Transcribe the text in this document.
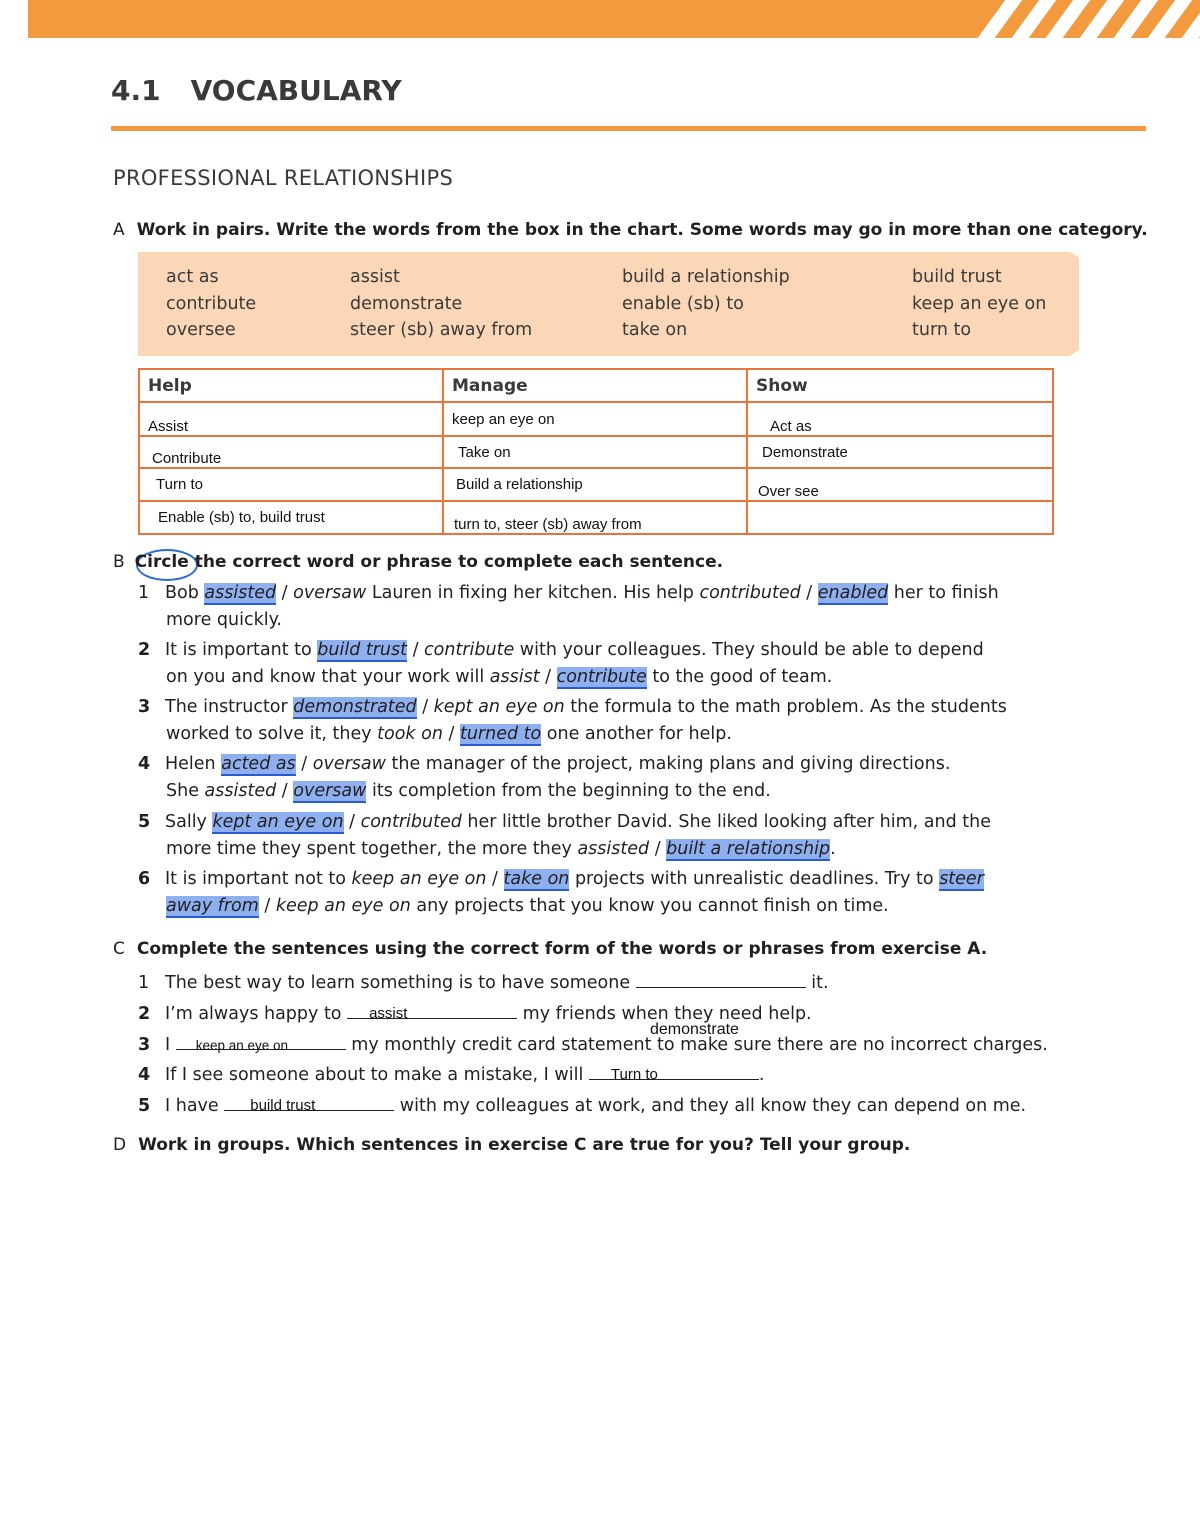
4.1 VOCABULARY
PROFESSIONAL RELATIONSHIPS
A Work in pairs. Write the words from the box in the chart. Some words may go in more than one category.
act as	assist	build a relationship	build trust
contribute	demonstrate	enable (sb) to	keep an eye on
oversee	steer (sb) away from	take on	turn to
Help	Manage	Show
Assist	keep an eye on	Act as
Contribute	Take on	Demonstrate
Turn to	Build a relationship	Over see
Enable (sb) to, build trust	turn to, steer (sb) away from	
B Circle the correct word or phrase to complete each sentence.
1 Bob assisted / oversaw Lauren in fixing her kitchen. His help contributed / enabled her to finish
more quickly.
2 It is important to build trust / contribute with your colleagues. They should be able to depend
on you and know that your work will assist / contribute to the good of team.
3 The instructor demonstrated / kept an eye on the formula to the math problem. As the students
worked to solve it, they took on / turned to one another for help.
4 Helen acted as / oversaw the manager of the project, making plans and giving directions.
She assisted / oversaw its completion from the beginning to the end.
5 Sally kept an eye on / contributed her little brother David. She liked looking after him, and the
more time they spent together, the more they assisted / built a relationship.
6 It is important not to keep an eye on / take on projects with unrealistic deadlines. Try to steer
away from / keep an eye on any projects that you know you cannot finish on time.
C Complete the sentences using the correct form of the words or phrases from exercise A.
1 The best way to learn something is to have someone	it.
2 I’m always happy to assist	my friends when they need help.
demonstrate
3 I keep an eye on	my monthly credit card statement to make sure there are no incorrect charges.
4 If I see someone about to make a mistake, I will Turn to	.
5 I have build trust	with my colleagues at work, and they all know they can depend on me.
D Work in groups. Which sentences in exercise C are true for you? Tell your group.
